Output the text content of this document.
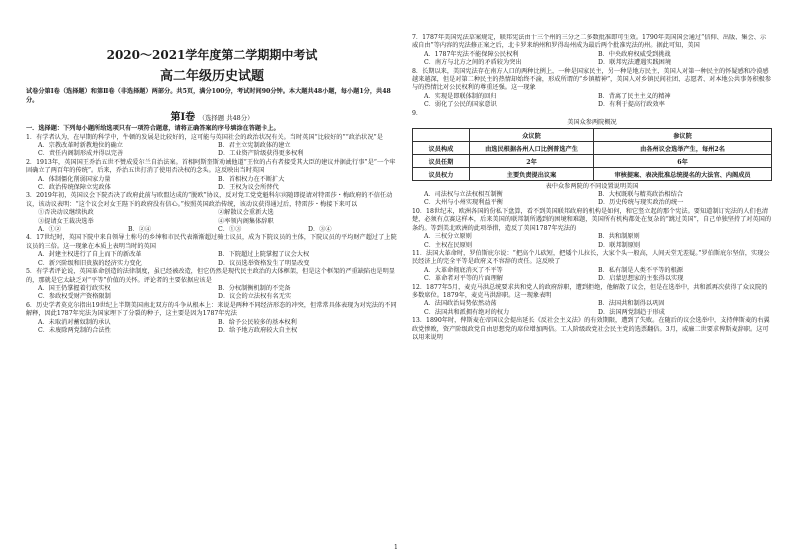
2020～2021学年度第二学期期中考试
高二年级历史试题
试卷分第Ⅰ卷（选择题）和第Ⅱ卷（非选择题）两部分。共5页，满分100分，考试时间90分钟。本大题共48小题，每小题1分，共48分。
第Ⅰ卷 （选择题 共48分）
一．选择题：下列每小题所给选项只有一项符合题意，请将正确答案的序号填涂在答题卡上。
1．有学者认为，在早期的科学中，牛顿的发展是比较好的，这可能与英国社会的政治状况有关。当时英国“比较好的”“政治状况”是
A．宗教改革时新教地位的确立	B．君主立宪制政体的建立
C．责任内阁制形成并得以完善	D．工业资产阶级获得更多权利
2．1913年，英国国王乔治五世不赞成爱尔兰自治法案。首相阿斯奎斯劝诫他道“王位的占有者接受其大臣的建议并据此行事”是“一个牢固确立了两百年的传统”。后来，乔治五世打消了使用否决权的念头。这反映出当时英国
A．体制僵化削弱国家力量	B．首相权力在不断扩大
C．政治传统保障立宪政体	D．王权为议会所替代
3．2019年初，英国议会下院否决了政府此前与欧盟达成的“脱欧”协议，反对党工党党魁科尔宾随即提请对特雷莎・梅政府的不信任动议，该动议表明：“这个议会对女王陛下的政府没有信心。”按照英国政治传统，该动议获得通过后，特雷莎・梅接下来可以
①否决动议继续执政	②解散议会重新大选
③提请女王裁决选举	④率领内阁集体辞职
A．①②	B．②④	C．①③	D．③④
4．17世纪时，英国下院中来自领导土称号的乡绅和市民代表渐渐超过骑士议员，成为下院议员的主体，下院议员的平均财产超过了上院议员的三倍。这一现象在本质上表明当时的英国
A．封建主权进行了自上而下的新改革	B．下院超过上院掌握了议会大权
C．新兴阶级和旧贵族的经济实力变化	D．议员选举资格发生了明显改变
5．有学者评论说，英国革命创造的法律制度，虽已经被改造，但它仍然是现代民主政治的大体框架，但是这个框架的严重缺陷也是明显的，那就是它太缺乏对“平等”价值的关怀。评论者的主要依据应该是
A．国王仍掌握着行政实权	B．分权制衡机制的不完备
C．参政权受财产资格限制	D．议会的立法权有名无实
6．历史学者莫克尔指出19世纪上半期美国南北双方的斗争从根本上：来说是两种不同经济形态的冲突，但常常具体表现为对宪法的不同解释，因此1787年宪法为国家埋下了分裂的种子，这主要是因为1787年宪法
A．未取消对蓄奴制的承认	B．给予公民较多的基本权利
C．未废除两党制的合法性	D．给予地方政府较大自主权
7．1787年美国宪法草案规定，联邦宪法由十三个州的三分之二多数批准即可生效。1790年美国国会通过“信仰、出版、集会、示威自由”等内容的宪法修正案之后，北卡罗来纳州和罗得岛州成为最后两个批准宪法的州。据此可知，美国
A．1787年宪法不能保障公民权利	B．中央政府权威受到挑战
C．南方与北方之间的矛盾较为突出	D．联邦宪法遭遇实践困境
8．长期以来，美国宪法存在南方人口的两种比例上，一种是国家民主，另一种是地方民主，美国人对第一种民主的怀疑感和冷漠感越来越深，但是对第二种民主的热情却始终不渝，形成所谓的“乡镇精神”，美国人对乡镇民间社团、志愿者、对本地公共事务积极参与的热情比对公民权利的尊重还强。这一现象
A．实现是即联体制的回归	B．背离了民主主义的精神
C．弱化了公民的国家意识	D．有利于提高行政效率
9．
美国众参两院概况
	众议院	参议院
议员构成	由选民根据各州人口比例普选产生	由各州议会选举产生，每州2名
议员任期	2年	6年
议员权力	主要负责提出议案	审核提案、表决批准总统提名的大法官、内阁成员
表中众参两院的不同设置说明美国
A．司法权与立法权相互制衡	B．大权既联与精英政治相结合
C．大州与小州实现利益平衡	D．历史传统与现实政治的统一
10．18世纪末，欧洲各国的份私下盘算，看不到美国联邦政府的机构是如何，和它竖立起的那个宪法。要知道制订宪法的人们也清楚，必须有点赛这样本，后来美国的联邦制所遇到的困境和难题，美国所有机构都处在复杂的“跳过美国”，自己单独坚持了对英国的条约。等到美北欧洲的此项举措，造反了美国1787年宪法的
A．三权分立原则	B．共和制原则
C．主权在民原则	D．联邦制原则
11．法国大革命时，罗伯斯庇尔说：“把高个儿砍短，把矮个儿拉长，大家个头一般高，人间天堂无差疑。”罗伯斯庇尔坚信，实现公民经济上的完全平等是政府义不容辞的责任。这反映了
A．大革命彻底消灭了不平等	B．私有制是人类不平等的根源
C．革命者对平等的片面理解	D．启蒙思想家的主张得以实现
12．1877年5月，麦克马洪总统要求共和党人的政府辞职，遭到拒绝，他解散了议会，但是在选举中，共和派再次获得了众议院的多数席位。1879年，麦克马洪辞职。这一现象表明
A．法国政治局势依然动荡	B．法国共和制得以巩固
C．法国共和派拥有绝对的权力	D．法国两党制趋于形成
13．1890年时，俾斯麦在帝国议会提出延长《反社会主义法》的有效期限，遭到了失败。在随后的议会选举中，支持俾斯麦的右翼政党惨败，资产阶级政党自由思想党的席位增加两倍。工人阶级政党社会民主党的选票翻倍。3月，威廉二世要求俾斯麦辞职。这可以用来说明
1
